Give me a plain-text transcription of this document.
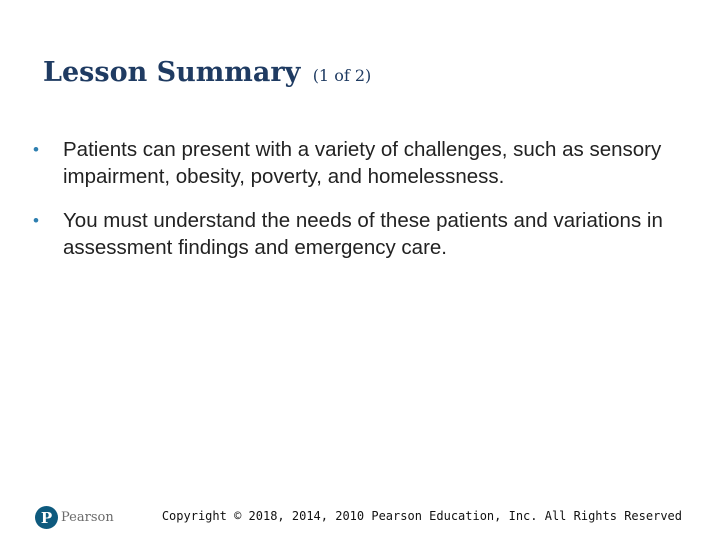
Lesson Summary (1 of 2)
• Patients can present with a variety of challenges, such as sensory impairment, obesity, poverty, and homelessness.
• You must understand the needs of these patients and variations in assessment findings and emergency care.
P Pearson	Copyright © 2018, 2014, 2010 Pearson Education, Inc. All Rights Reserved
